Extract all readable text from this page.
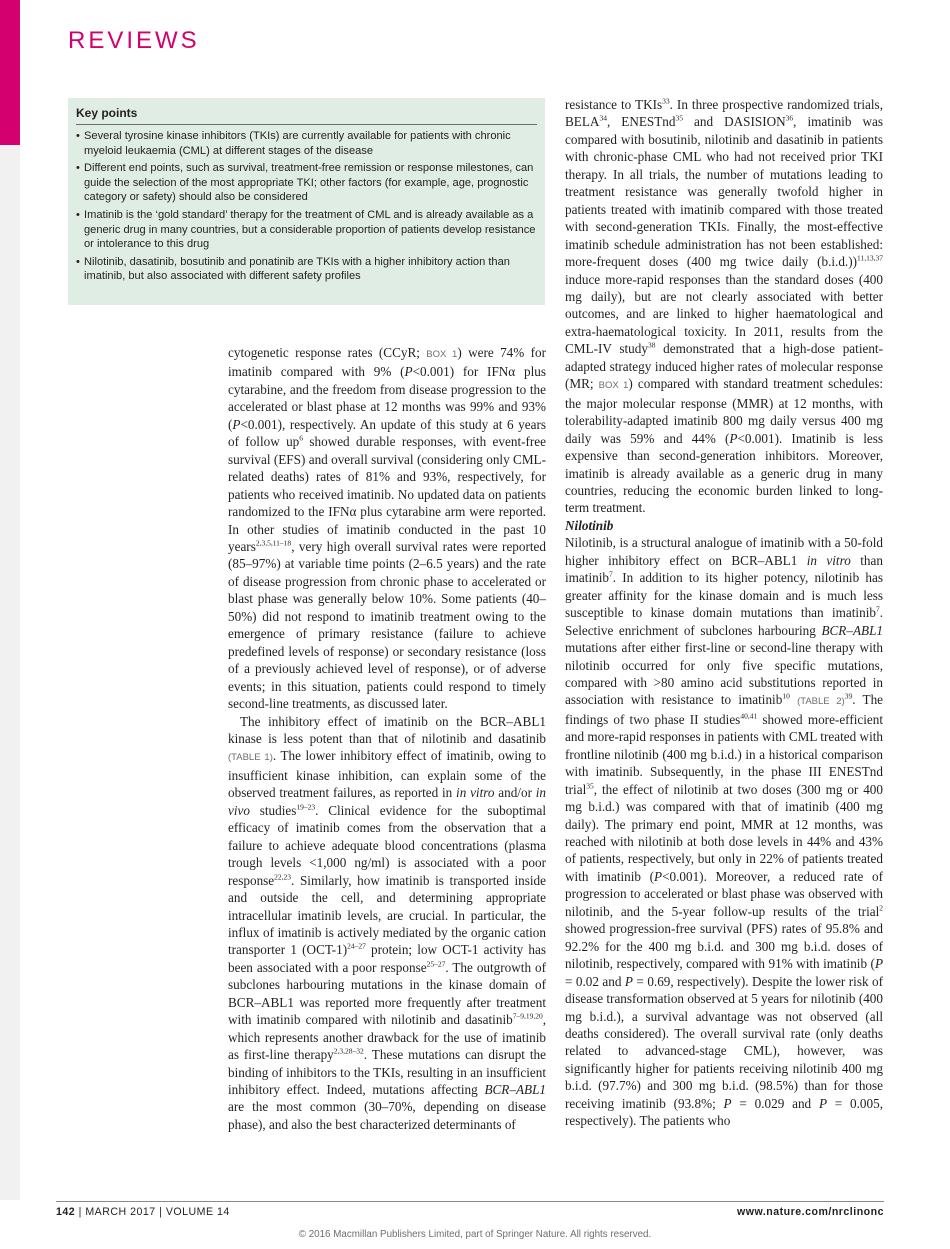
REVIEWS
Key points
• Several tyrosine kinase inhibitors (TKIs) are currently available for patients with chronic myeloid leukaemia (CML) at different stages of the disease
• Different end points, such as survival, treatment-free remission or response milestones, can guide the selection of the most appropriate TKI; other factors (for example, age, prognostic category or safety) should also be considered
• Imatinib is the ‘gold standard’ therapy for the treatment of CML and is already available as a generic drug in many countries, but a considerable proportion of patients develop resistance or intolerance to this drug
• Nilotinib, dasatinib, bosutinib and ponatinib are TKIs with a higher inhibitory action than imatinib, but also associated with different safety profiles

cytogenetic response rates (CCyR; BOX 1) were 74% for imatinib compared with 9% (P<0.001) for IFNα plus cytarabine, and the freedom from disease progression to the accelerated or blast phase at 12 months was 99% and 93% (P<0.001), respectively. An update of this study at 6 years of follow up$^6$ showed durable responses, with event-free survival (EFS) and overall survival (considering only CML-related deaths) rates of 81% and 93%, respectively, for patients who received imatinib. No updated data on patients randomized to the IFNα plus cytarabine arm were reported. In other studies of imatinib conducted in the past 10 years$^{2,3,5,11-18}$, very high overall survival rates were reported (85–97%) at variable time points (2–6.5 years) and the rate of disease progression from chronic phase to accelerated or blast phase was generally below 10%. Some patients (40–50%) did not respond to imatinib treatment owing to the emergence of primary resistance (failure to achieve predefined levels of response) or secondary resistance (loss of a previously achieved level of response), or of adverse events; in this situation, patients could respond to timely second-line treatments, as discussed later.

The inhibitory effect of imatinib on the BCR–ABL1 kinase is less potent than that of nilotinib and dasatinib (TABLE 1). The lower inhibitory effect of imatinib, owing to insufficient kinase inhibition, can explain some of the observed treatment failures, as reported in in vitro and/or in vivo studies$^{19-23}$. Clinical evidence for the suboptimal efficacy of imatinib comes from the observation that a failure to achieve adequate blood concentrations (plasma trough levels <1,000 ng/ml) is associated with a poor response$^{22,23}$. Similarly, how imatinib is transported inside and outside the cell, and determining appropriate intracellular imatinib levels, are crucial. In particular, the influx of imatinib is actively mediated by the organic cation transporter 1 (OCT-1)$^{24-27}$ protein; low OCT-1 activity has been associated with a poor response$^{25-27}$. The outgrowth of subclones harbouring mutations in the kinase domain of BCR–ABL1 was reported more frequently after treatment with imatinib compared with nilotinib and dasatinib$^{7-9,19,20}$, which represents another drawback for the use of imatinib as first-line therapy$^{2,3,28-32}$. These mutations can disrupt the binding of inhibitors to the TKIs, resulting in an insufficient inhibitory effect. Indeed, mutations affecting BCR–ABL1 are the most common (30–70%, depending on disease phase), and also the best characterized determinants of

resistance to TKIs$^{33}$. In three prospective randomized trials, BELA$^{34}$, ENESTnd$^{35}$ and DASISION$^{36}$, imatinib was compared with bosutinib, nilotinib and dasatinib in patients with chronic-phase CML who had not received prior TKI therapy. In all trials, the number of mutations leading to treatment resistance was generally twofold higher in patients treated with imatinib compared with those treated with second-generation TKIs. Finally, the most-effective imatinib schedule administration has not been established: more-frequent doses (400 mg twice daily (b.i.d.))$^{11,13,37}$ induce more-rapid responses than the standard doses (400 mg daily), but are not clearly associated with better outcomes, and are linked to higher haematological and extra-haematological toxicity. In 2011, results from the CML-IV study$^{38}$ demonstrated that a high-dose patient-adapted strategy induced higher rates of molecular response (MR; BOX 1) compared with standard treatment schedules: the major molecular response (MMR) at 12 months, with tolerability-adapted imatinib 800 mg daily versus 400 mg daily was 59% and 44% (P<0.001). Imatinib is less expensive than second-generation inhibitors. Moreover, imatinib is already available as a generic drug in many countries, reducing the economic burden linked to long-term treatment.

Nilotinib

Nilotinib, is a structural analogue of imatinib with a 50-fold higher inhibitory effect on BCR–ABL1 in vitro than imatinib$^7$. In addition to its higher potency, nilotinib has greater affinity for the kinase domain and is much less susceptible to kinase domain mutations than imatinib$^7$. Selective enrichment of subclones harbouring BCR–ABL1 mutations after either first-line or second-line therapy with nilotinib occurred for only five specific mutations, compared with >80 amino acid substitutions reported in association with resistance to imatinib$^{10}$ (TABLE 2)$^{39}$. The findings of two phase II studies$^{40,41}$ showed more-efficient and more-rapid responses in patients with CML treated with frontline nilotinib (400 mg b.i.d.) in a historical comparison with imatinib. Subsequently, in the phase III ENESTnd trial$^{35}$, the effect of nilotinib at two doses (300 mg or 400 mg b.i.d.) was compared with that of imatinib (400 mg daily). The primary end point, MMR at 12 months, was reached with nilotinib at both dose levels in 44% and 43% of patients, respectively, but only in 22% of patients treated with imatinib (P<0.001). Moreover, a reduced rate of progression to accelerated or blast phase was observed with nilotinib, and the 5-year follow-up results of the trial$^2$ showed progression-free survival (PFS) rates of 95.8% and 92.2% for the 400 mg b.i.d. and 300 mg b.i.d. doses of nilotinib, respectively, compared with 91% with imatinib (P = 0.02 and P = 0.69, respectively). Despite the lower risk of disease transformation observed at 5 years for nilotinib (400 mg b.i.d.), a survival advantage was not observed (all deaths considered). The overall survival rate (only deaths related to advanced-stage CML), however, was significantly higher for patients receiving nilotinib 400 mg b.i.d. (97.7%) and 300 mg b.i.d. (98.5%) than for those receiving imatinib (93.8%; P = 0.029 and P = 0.005, respectively). The patients who

142 | MARCH 2017 | VOLUME 14	www.nature.com/nrclinonc
© 2016 Macmillan Publishers Limited, part of Springer Nature. All rights reserved.
